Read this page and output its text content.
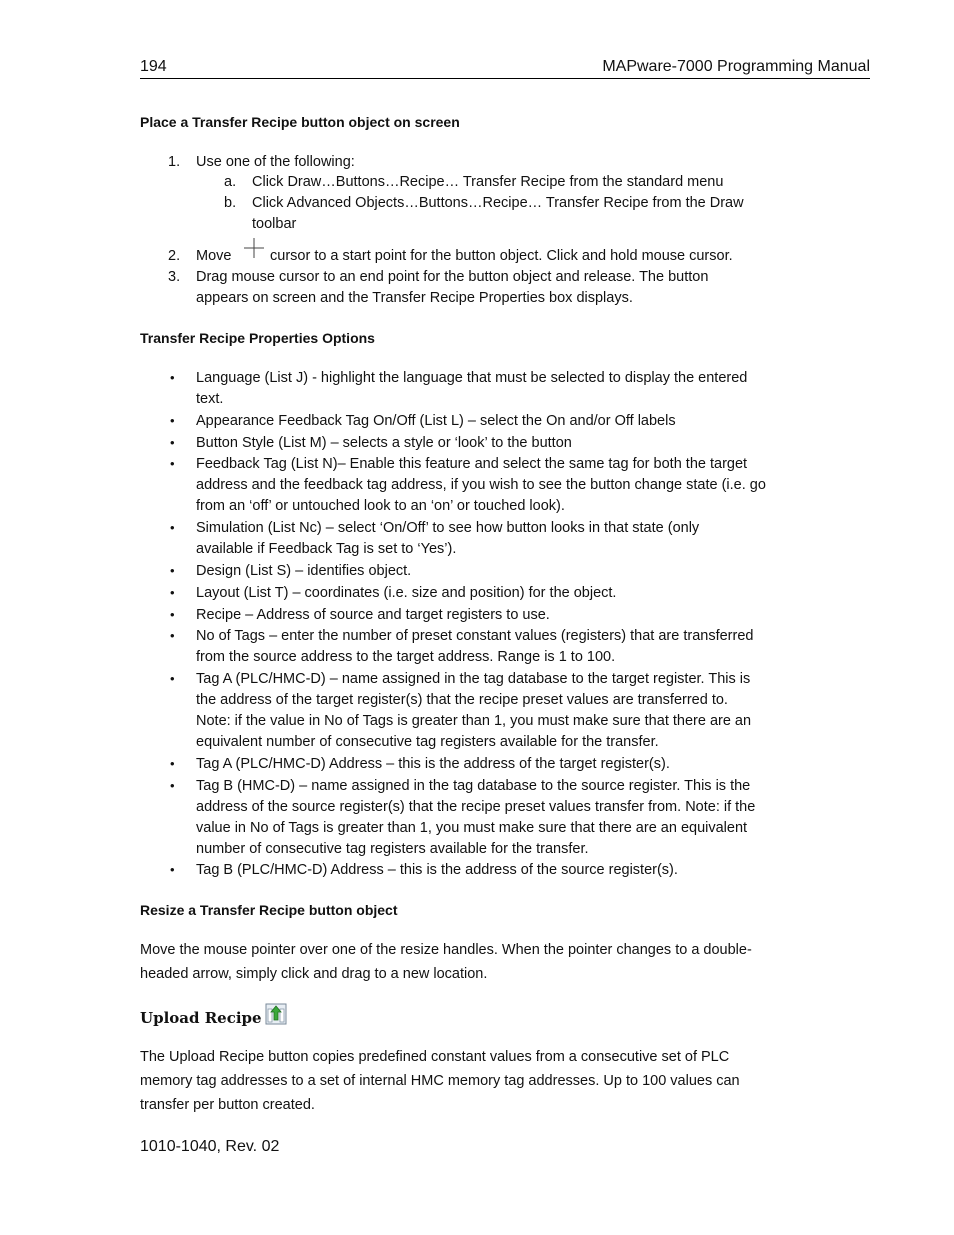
194	MAPware-7000 Programming Manual
Place a Transfer Recipe button object on screen
1. Use one of the following:
a. Click Draw…Buttons…Recipe… Transfer Recipe from the standard menu
b. Click Advanced Objects…Buttons…Recipe… Transfer Recipe from the Draw
toolbar
2. Move	cursor to a start point for the button object. Click and hold mouse cursor.
3. Drag mouse cursor to an end point for the button object and release. The button
appears on screen and the Transfer Recipe Properties box displays.
Transfer Recipe Properties Options
• Language (List J) - highlight the language that must be selected to display the entered
text.
• Appearance Feedback Tag On/Off (List L) – select the On and/or Off labels
• Button Style (List M) – selects a style or ‘look’ to the button
• Feedback Tag (List N)– Enable this feature and select the same tag for both the target
address and the feedback tag address, if you wish to see the button change state (i.e. go
from an ‘off’ or untouched look to an ‘on’ or touched look).
• Simulation (List Nc) – select ‘On/Off’ to see how button looks in that state (only
available if Feedback Tag is set to ‘Yes’).
• Design (List S) – identifies object.
• Layout (List T) – coordinates (i.e. size and position) for the object.
• Recipe – Address of source and target registers to use.
• No of Tags – enter the number of preset constant values (registers) that are transferred
from the source address to the target address. Range is 1 to 100.
• Tag A (PLC/HMC-D) – name assigned in the tag database to the target register. This is
the address of the target register(s) that the recipe preset values are transferred to.
Note: if the value in No of Tags is greater than 1, you must make sure that there are an
equivalent number of consecutive tag registers available for the transfer.
• Tag A (PLC/HMC-D) Address – this is the address of the target register(s).
• Tag B (HMC-D) – name assigned in the tag database to the source register. This is the
address of the source register(s) that the recipe preset values transfer from. Note: if the
value in No of Tags is greater than 1, you must make sure that there are an equivalent
number of consecutive tag registers available for the transfer.
• Tag B (PLC/HMC-D) Address – this is the address of the source register(s).
Resize a Transfer Recipe button object
Move the mouse pointer over one of the resize handles. When the pointer changes to a double-
headed arrow, simply click and drag to a new location.
Upload Recipe
The Upload Recipe button copies predefined constant values from a consecutive set of PLC
memory tag addresses to a set of internal HMC memory tag addresses. Up to 100 values can
transfer per button created.
1010-1040, Rev. 02
